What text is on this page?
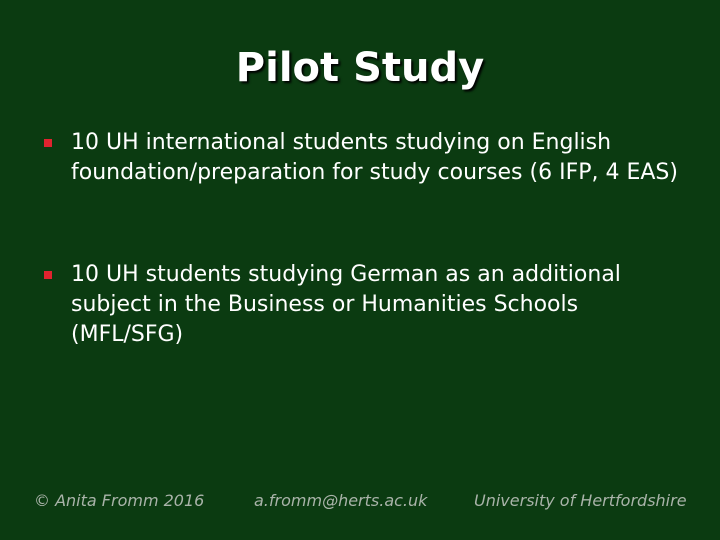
Pilot Study
10 UH international students studying on English foundation/preparation for study courses (6 IFP, 4 EAS)
10 UH students studying German as an additional subject in the Business or Humanities Schools (MFL/SFG)
© Anita Fromm 2016	a.fromm@herts.ac.uk	University of Hertfordshire
